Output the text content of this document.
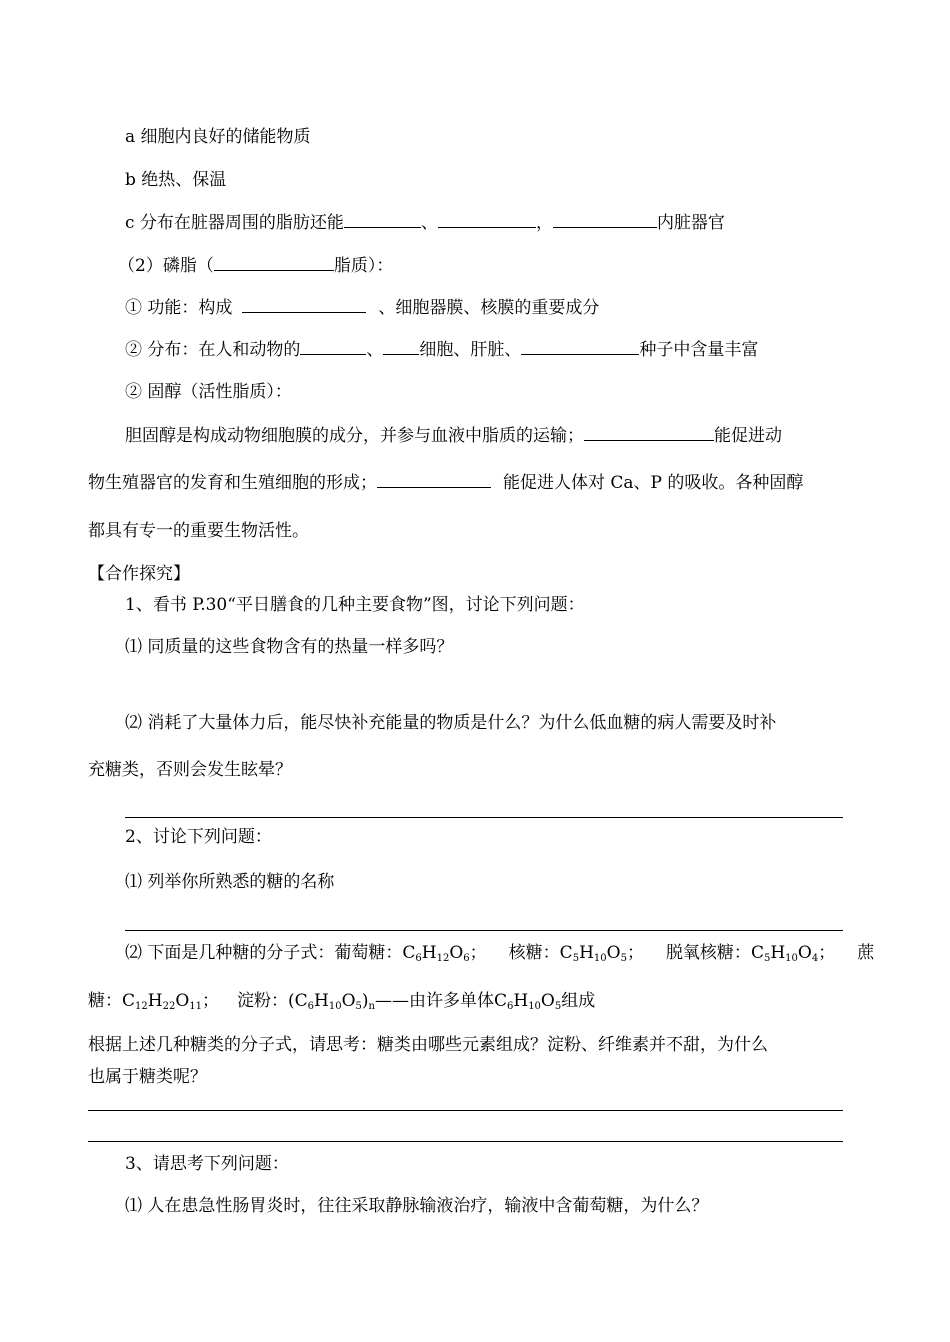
a 细胞内良好的储能物质
b 绝热、保温
c 分布在脏器周围的脂肪还能	、	，	内脏器官
（2）磷脂（	脂质）：
① 功能：构成	、细胞器膜、核膜的重要成分
② 分布：在人和动物的	、 细胞、肝脏、	种子中含量丰富
② 固醇（活性脂质）：
胆固醇是构成动物细胞膜的成分，并参与血液中脂质的运输；	能促进动
物生殖器官的发育和生殖细胞的形成；	能促进人体对 Ca、P 的吸收。各种固醇
都具有专一的重要生物活性。
【合作探究】
1、看书 P.30“平日膳食的几种主要食物”图，讨论下列问题：
⑴ 同质量的这些食物含有的热量一样多吗？
⑵ 消耗了大量体力后，能尽快补充能量的物质是什么？为什么低血糖的病人需要及时补
充糖类，否则会发生眩晕？
2、讨论下列问题：
⑴ 列举你所熟悉的糖的名称
⑵ 下面是几种糖的分子式：葡萄糖：$C_6H_{12}O_6$； 核糖：$C_5H_{10}O_5$； 脱氧核糖：$C_5H_{10}O_4$； 蔗
糖：$C_{12}H_{22}O_{11}$； 淀粉：$(C_6H_{10}O_5)_n——$由许多单体$C_6H_{10}O_5$组成
根据上述几种糖类的分子式，请思考：糖类由哪些元素组成？淀粉、纤维素并不甜，为什么
也属于糖类呢？
3、请思考下列问题：
⑴ 人在患急性肠胃炎时，往往采取静脉输液治疗，输液中含葡萄糖，为什么？
